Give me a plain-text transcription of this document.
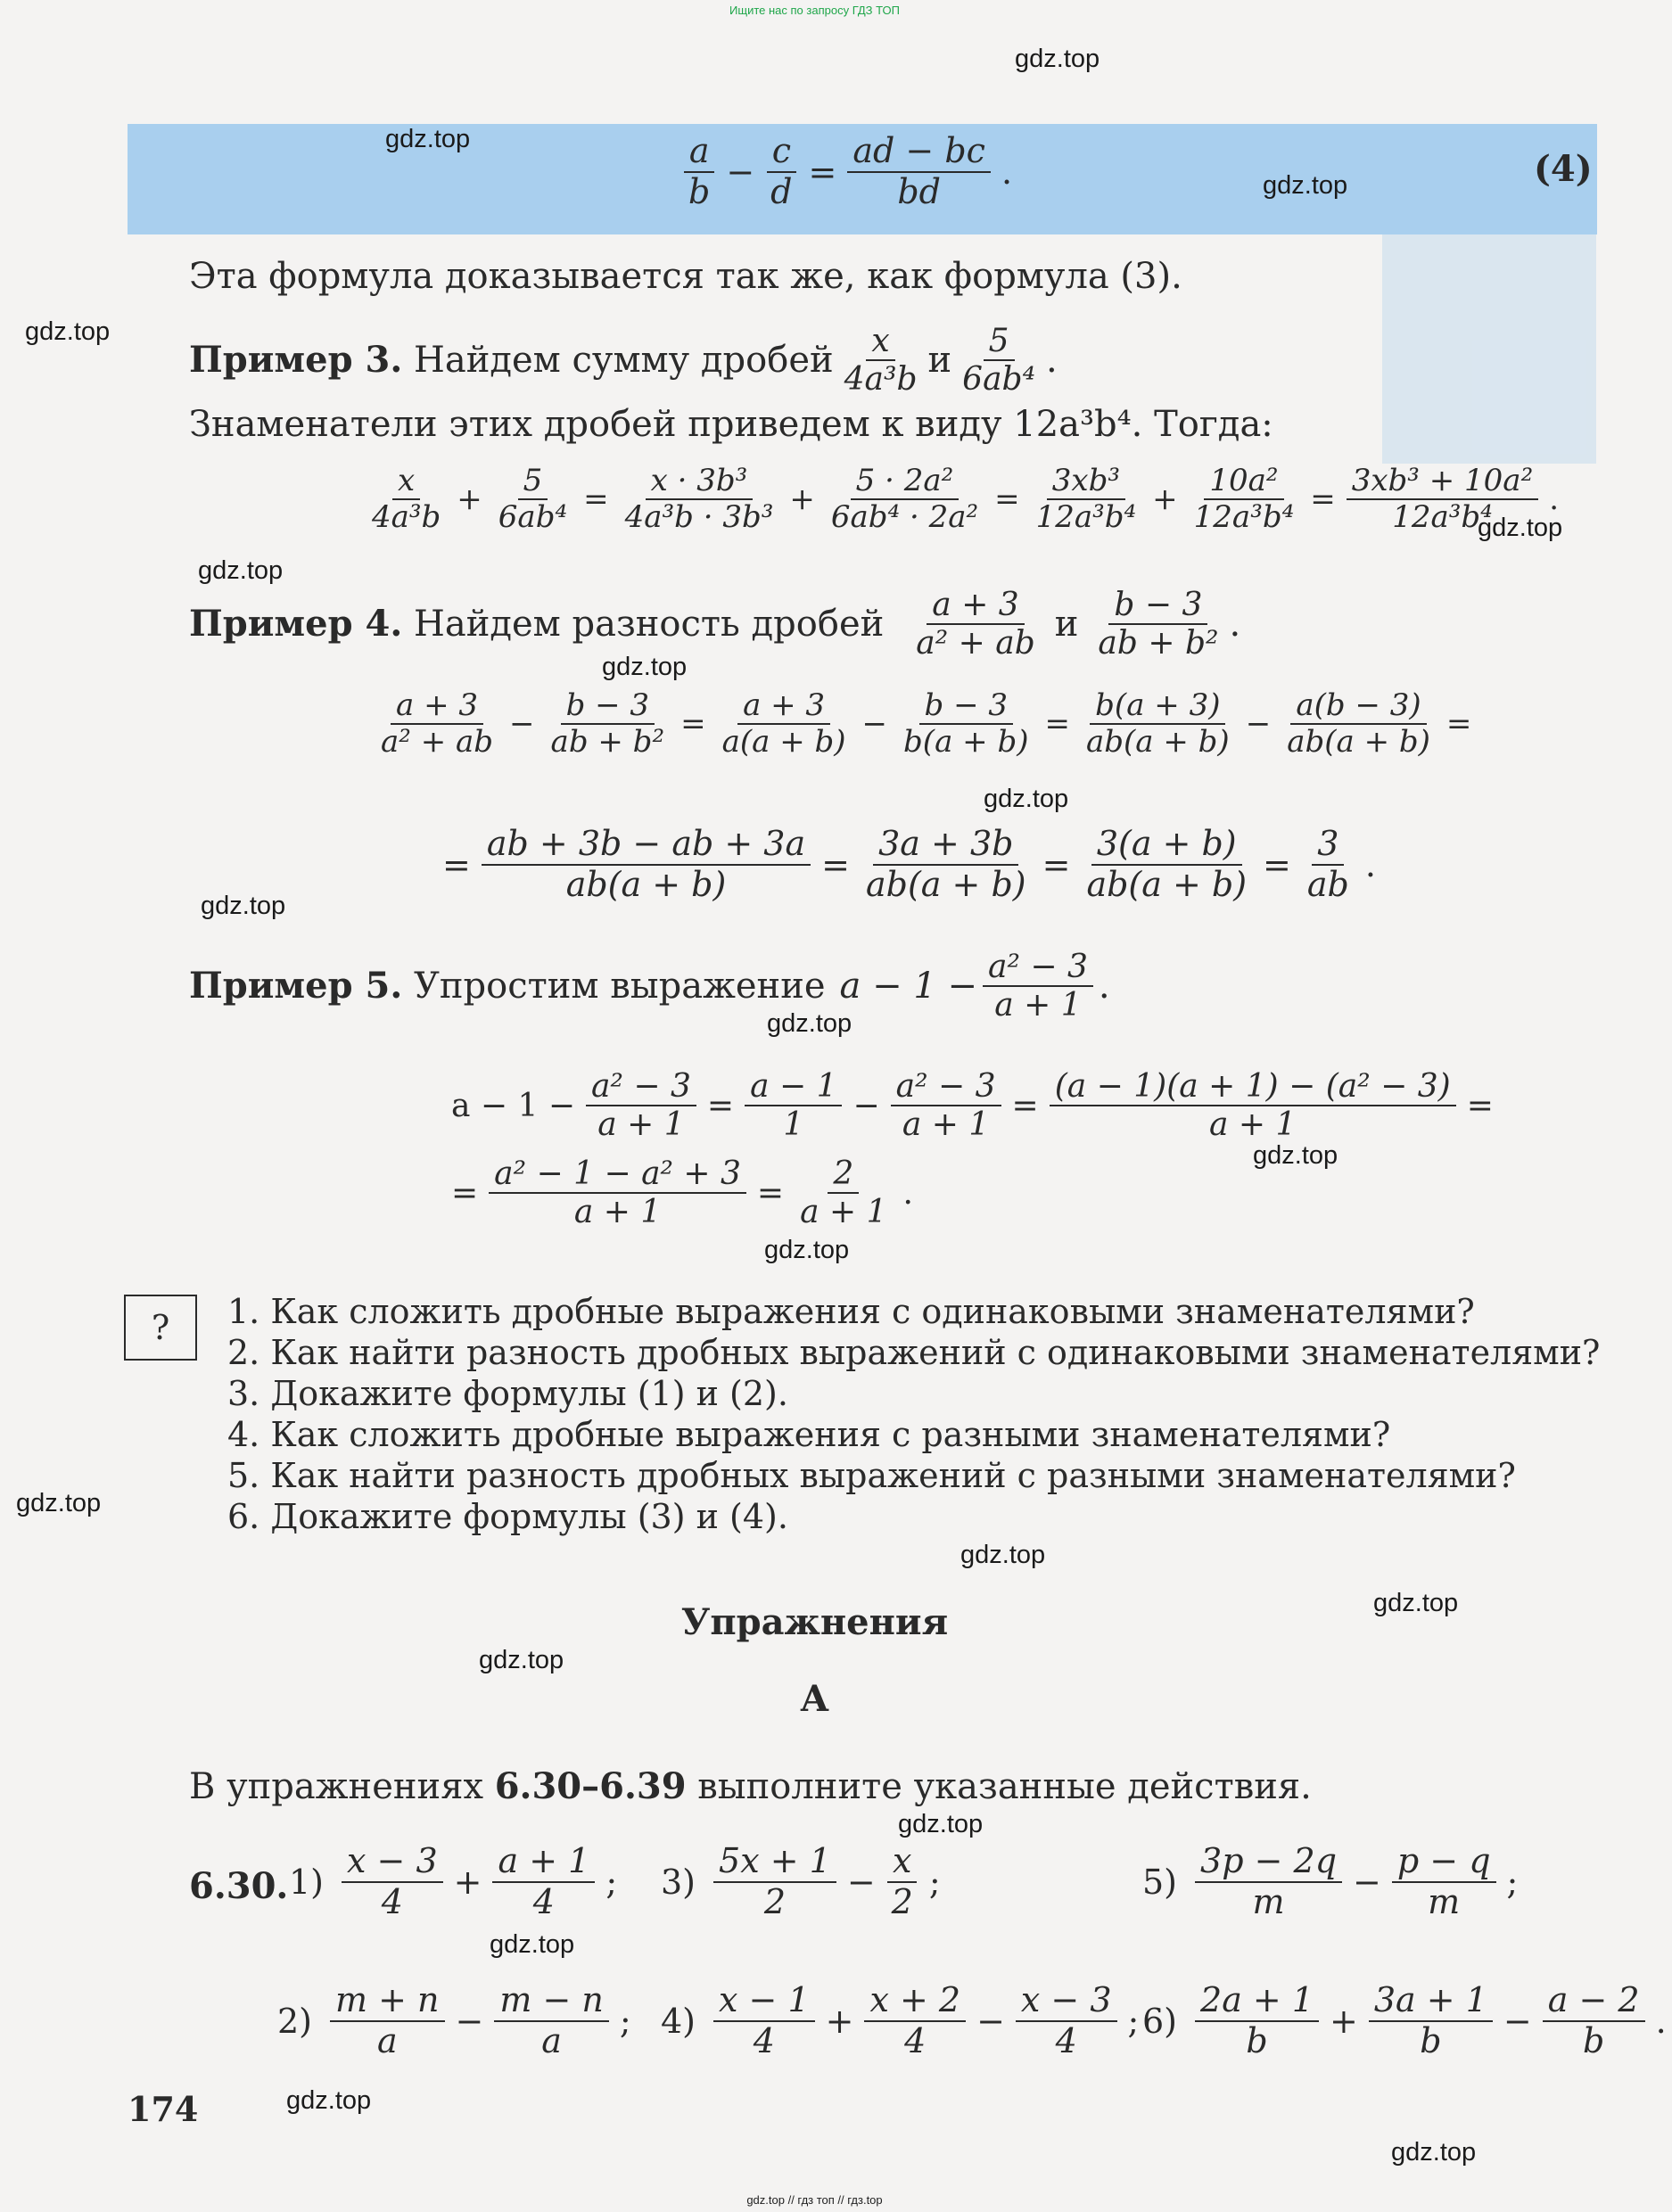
Ищите нас по запросу ГДЗ ТОП
$\frac{a}{b} - \frac{c}{d} = \frac{ad - bc}{bd}$ .	(4)
Эта формула доказывается так же, как формула (3).
Пример 3.
Найдем сумму дробей $\frac{x}{\text{4a³b}}$ и $\frac{5}{\text{6ab⁴}}$ .
Знаменатели этих дробей приведем к виду 12a³b⁴. Тогда:
$\frac{x}{\text{4a³b}} + \frac{5}{\text{6ab⁴}} = \frac{\text{x · 3b³}}{\text{4a³b · 3b³}} + \frac{\text{5 · 2a²}}{\text{6ab⁴ · 2a²}} = \frac{\text{3xb³}}{\text{12a³b⁴}} + \frac{\text{10a²}}{\text{12a³b⁴}} = \frac{\text{3xb³ + 10a²}}{\text{12a³b⁴}}$ .
Пример 4.
Найдем разность дробей $\frac{a + 3}{\text{a² + ab}}$ и $\frac{b - 3}{\text{ab + b²}}$ .
$\frac{a + 3}{\text{a² + ab}} - \frac{b - 3}{\text{ab + b²}} = \frac{a + 3}{a(a + b)} - \frac{b - 3}{b(a + b)} = \frac{b(a + 3)}{ab(a + b)} - \frac{a(b - 3)}{ab(a + b)}$ =
= $\frac{ab + 3b - ab + 3a}{ab(a + b)} = \frac{3a + 3b}{ab(a + b)} = \frac{3(a + b)}{ab(a + b)} = \frac{3}{ab}$ .
Пример 5.
Упростим выражение $a - 1 - \frac{\text{a² − 3}}{a + 1}$ .
$a - 1 - \frac{\text{a² − 3}}{a + 1} = \frac{a - 1}{1} - \frac{\text{a² − 3}}{a + 1} = \frac{\text{(a − 1)(a + 1) − (a² − 3)}}{a + 1}$ =
= $\frac{\text{a² − 1 − a² + 3}}{a + 1} = \frac{2}{a + 1}$ .
?	1. Как сложить дробные выражения с одинаковыми знаменателями?
2. Как найти разность дробных выражений с одинаковыми знаменателями?
3. Докажите формулы (1) и (2).
4. Как сложить дробные выражения с разными знаменателями?
5. Как найти разность дробных выражений с разными знаменателями?
6. Докажите формулы (3) и (4).
Упражнения
А
В упражнениях 6.30–6.39 выполните указанные действия.
6.30. $1) \frac{x - 3}{4} + \frac{a + 1}{4}$ ; $3) \frac{5x + 1}{2} - \frac{x}{2}$ ;	$5) \frac{3p - 2q}{m} - \frac{p - q}{m}$ ;
$2) \frac{m + n}{a} - \frac{m - n}{a}$ ; $4) \frac{x - 1}{4} + \frac{x + 2}{4} - \frac{x - 3}{4}$ ; $6) \frac{2a + 1}{b} + \frac{3a + 1}{b} - \frac{a - 2}{b}$ .
174
gdz.top
gdz.top
gdz.top
gdz.top
gdz.top
gdz.top
gdz.top
gdz.top
gdz.top
gdz.top
gdz.top
gdz.top
gdz.top
gdz.top
gdz.top
gdz.top
gdz.top
gdz.top
gdz.top
gdz.top
gdz.top // гдз топ // гдз.top
